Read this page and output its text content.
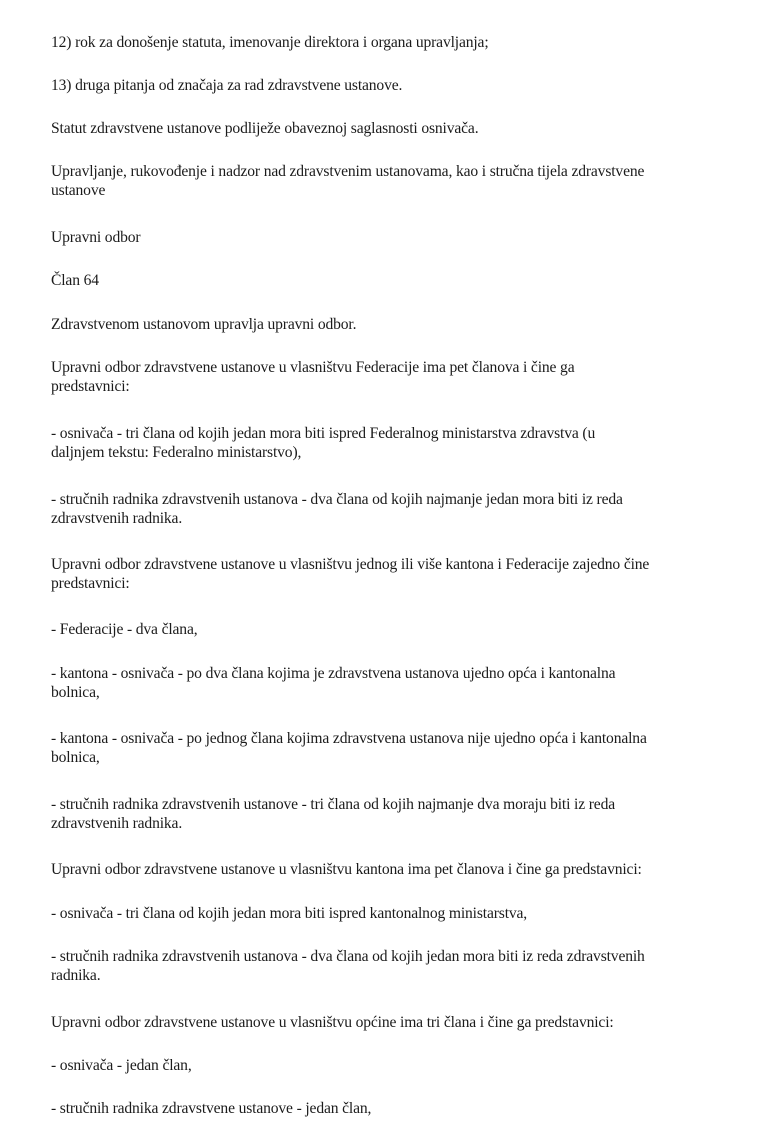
12) rok za donošenje statuta, imenovanje direktora i organa upravljanja;

13) druga pitanja od značaja za rad zdravstvene ustanove.

Statut zdravstvene ustanove podliježe obaveznoj saglasnosti osnivača.

Upravljanje, rukovođenje i nadzor nad zdravstvenim ustanovama, kao i stručna tijela zdravstvene
ustanove

Upravni odbor

Član 64

Zdravstvenom ustanovom upravlja upravni odbor.

Upravni odbor zdravstvene ustanove u vlasništvu Federacije ima pet članova i čine ga
predstavnici:

- osnivača - tri člana od kojih jedan mora biti ispred Federalnog ministarstva zdravstva (u
daljnjem tekstu: Federalno ministarstvo),

- stručnih radnika zdravstvenih ustanova - dva člana od kojih najmanje jedan mora biti iz reda
zdravstvenih radnika.

Upravni odbor zdravstvene ustanove u vlasništvu jednog ili više kantona i Federacije zajedno čine
predstavnici:

- Federacije - dva člana,

- kantona - osnivača - po dva člana kojima je zdravstvena ustanova ujedno opća i kantonalna
bolnica,

- kantona - osnivača - po jednog člana kojima zdravstvena ustanova nije ujedno opća i kantonalna
bolnica,

- stručnih radnika zdravstvenih ustanove - tri člana od kojih najmanje dva moraju biti iz reda
zdravstvenih radnika.

Upravni odbor zdravstvene ustanove u vlasništvu kantona ima pet članova i čine ga predstavnici:

- osnivača - tri člana od kojih jedan mora biti ispred kantonalnog ministarstva,

- stručnih radnika zdravstvenih ustanova - dva člana od kojih jedan mora biti iz reda zdravstvenih
radnika.

Upravni odbor zdravstvene ustanove u vlasništvu općine ima tri člana i čine ga predstavnici:

- osnivača - jedan član,

- stručnih radnika zdravstvene ustanove - jedan član,
